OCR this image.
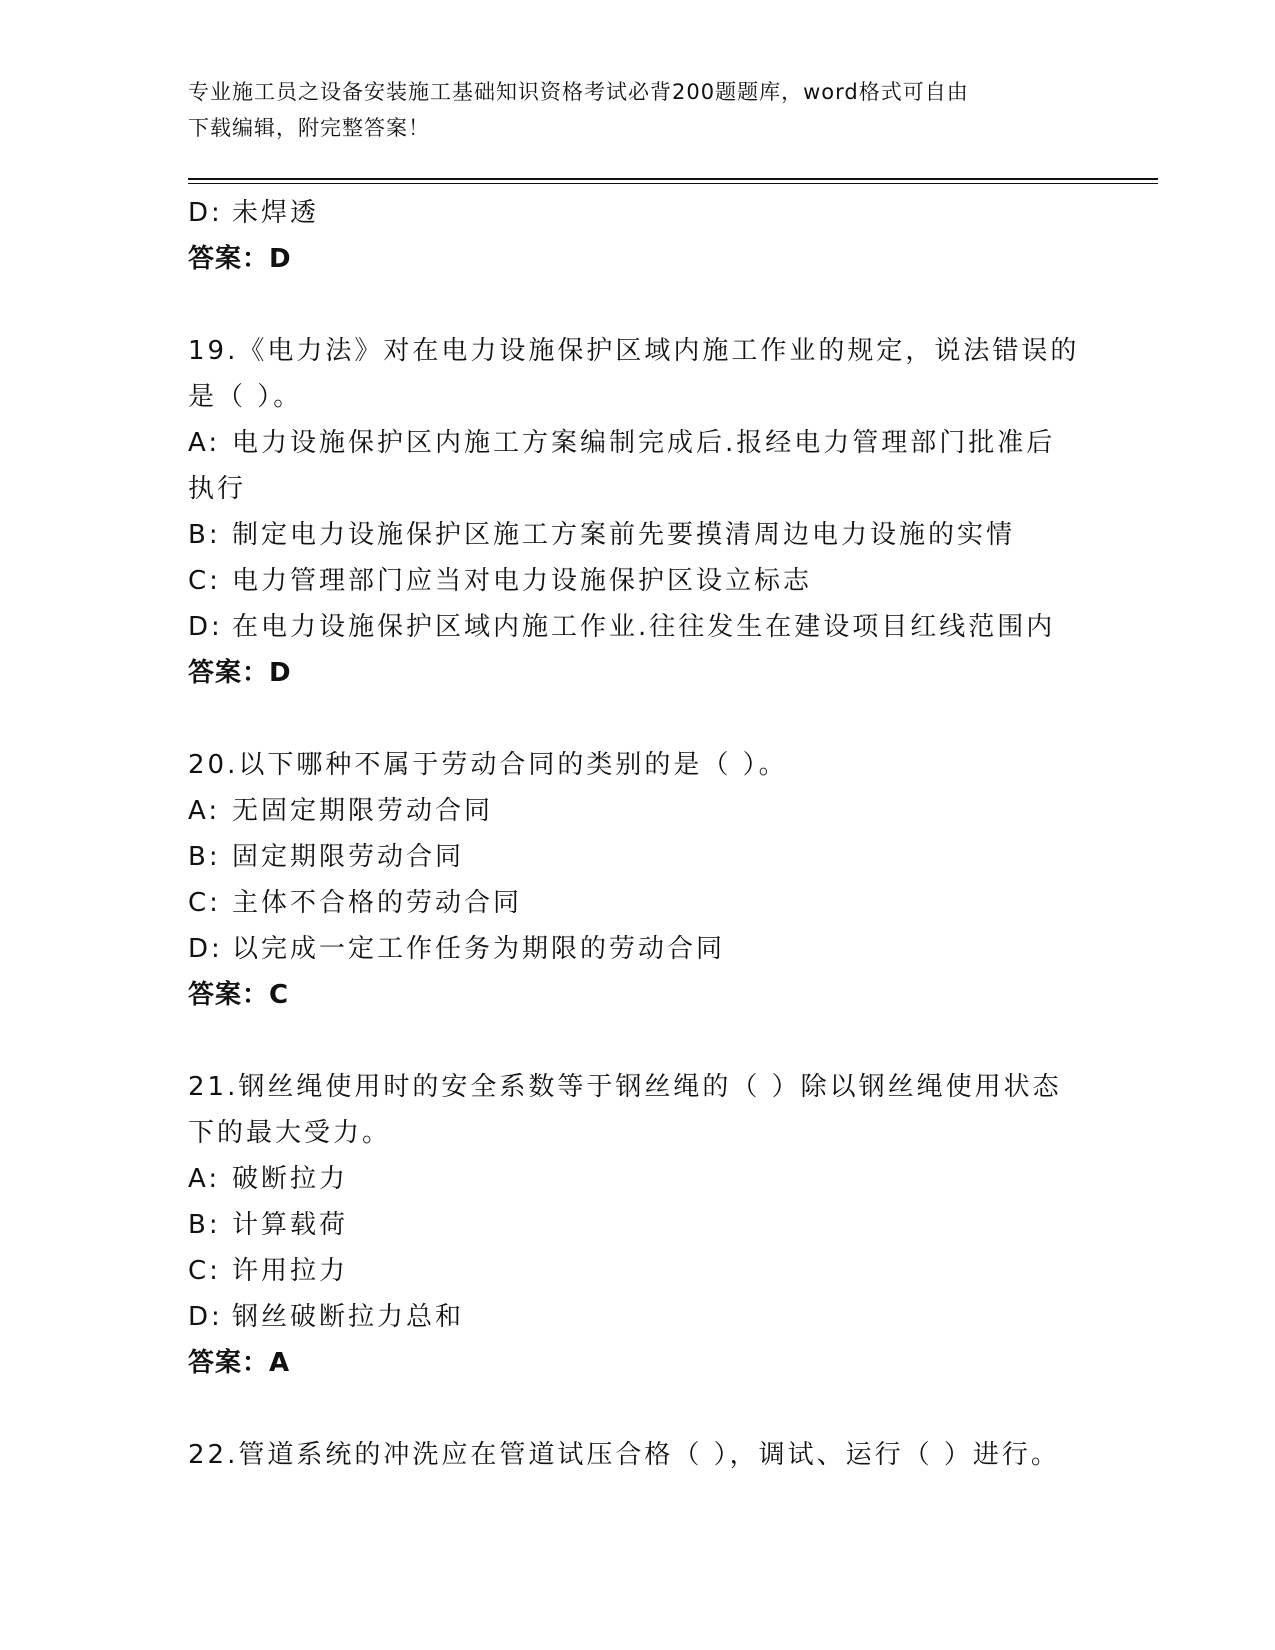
专业施工员之设备安装施工基础知识资格考试必背200题题库，word格式可自由
下载编辑，附完整答案！
D: 未焊透
答案：D
19.《电力法》对在电力设施保护区域内施工作业的规定，说法错误的
是（ ）。
A: 电力设施保护区内施工方案编制完成后.报经电力管理部门批准后
执行
B: 制定电力设施保护区施工方案前先要摸清周边电力设施的实情
C: 电力管理部门应当对电力设施保护区设立标志
D: 在电力设施保护区域内施工作业.往往发生在建设项目红线范围内
答案：D
20.以下哪种不属于劳动合同的类别的是（ ）。
A: 无固定期限劳动合同
B: 固定期限劳动合同
C: 主体不合格的劳动合同
D: 以完成一定工作任务为期限的劳动合同
答案：C
21.钢丝绳使用时的安全系数等于钢丝绳的（ ）除以钢丝绳使用状态
下的最大受力。
A: 破断拉力
B: 计算载荷
C: 许用拉力
D: 钢丝破断拉力总和
答案：A
22.管道系统的冲洗应在管道试压合格（ ），调试、运行（ ）进行。
